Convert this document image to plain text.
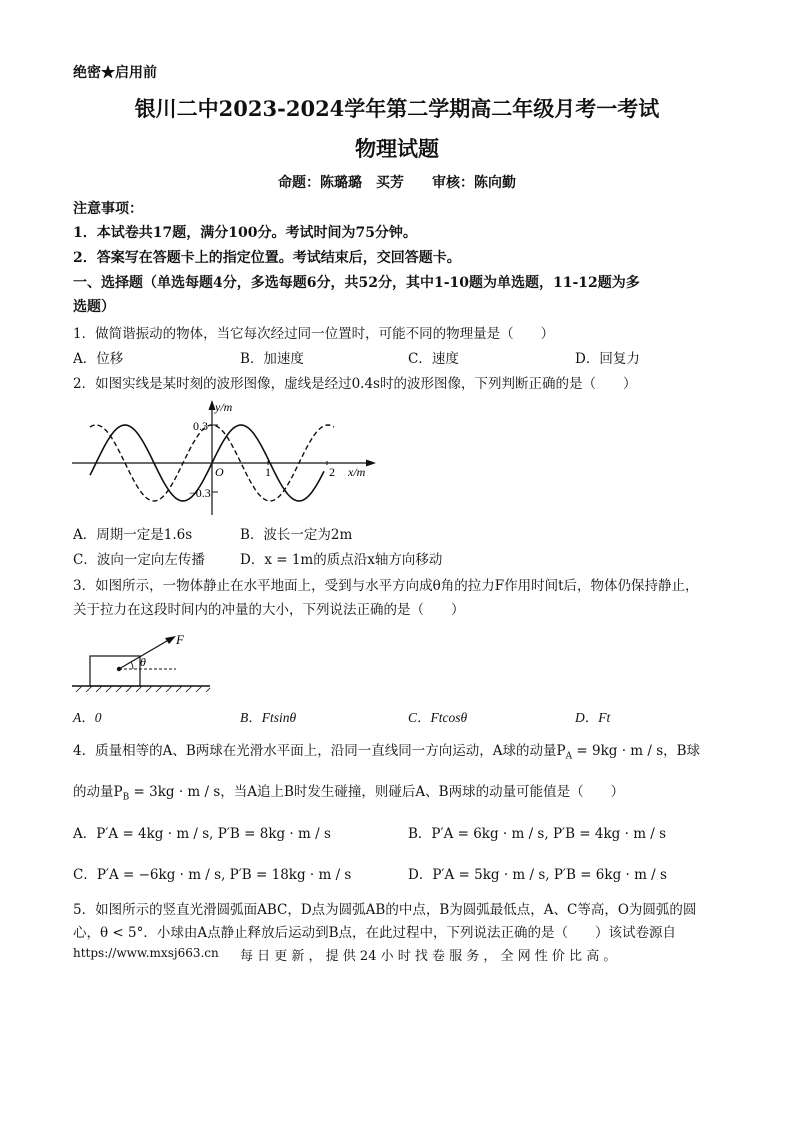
绝密★启用前
银川二中2023-2024学年第二学期高二年级月考一考试
物理试题
命题：陈璐璐　买芳　　审核：陈向勤
注意事项：
1．本试卷共17题，满分100分。考试时间为75分钟。
2．答案写在答题卡上的指定位置。考试结束后，交回答题卡。
一、选择题（单选每题4分，多选每题6分，共52分，其中1-10题为单选题，11-12题为多
选题）
1．做简谐振动的物体，当它每次经过同一位置时，可能不同的物理量是（　　）
A．位移	B．加速度	C．速度	D．回复力
2．如图实线是某时刻的波形图像，虚线是经过0.4s时的波形图像，下列判断正确的是（　　）
y/m
0.3
−0.3
O	1	2 x/m
A．周期一定是1.6s	B．波长一定为2m
C．波向一定向左传播	D．x = 1m的质点沿x轴方向移动
3．如图所示，一物体静止在水平地面上，受到与水平方向成θ角的拉力F作用时间t后，物体仍保持静止，
关于拉力在这段时间内的冲量的大小，下列说法正确的是（　　）
F
θ
A．0	B．Ftsinθ	C．Ftcosθ	D．Ft
4．质量相等的A、B两球在光滑水平面上，沿同一直线同一方向运动，A球的动量$P_A = 9kg \cdot m / s$，B球
的动量$P_B = 3kg \cdot m / s$，当A追上B时发生碰撞，则碰后A、B两球的动量可能值是（　　）
A．P′A = 4kg · m / s, P′B = 8kg · m / s	B．P′A = 6kg · m / s, P′B = 4kg · m / s
C．P′A = −6kg · m / s, P′B = 18kg · m / s	D．P′A = 5kg · m / s, P′B = 6kg · m / s
5．如图所示的竖直光滑圆弧面ABC，D点为圆弧AB的中点，B为圆弧最低点，A、C等高，O为圆弧的圆
心，θ < 5°．小球由A点静止释放后运动到B点，在此过程中，下列说法正确的是（　　）该试卷源自
https://www.mxsj663.cn 每 日 更 新 ， 提 供 24 小 时 找 卷 服 务 ， 全 网 性 价 比 高 。
